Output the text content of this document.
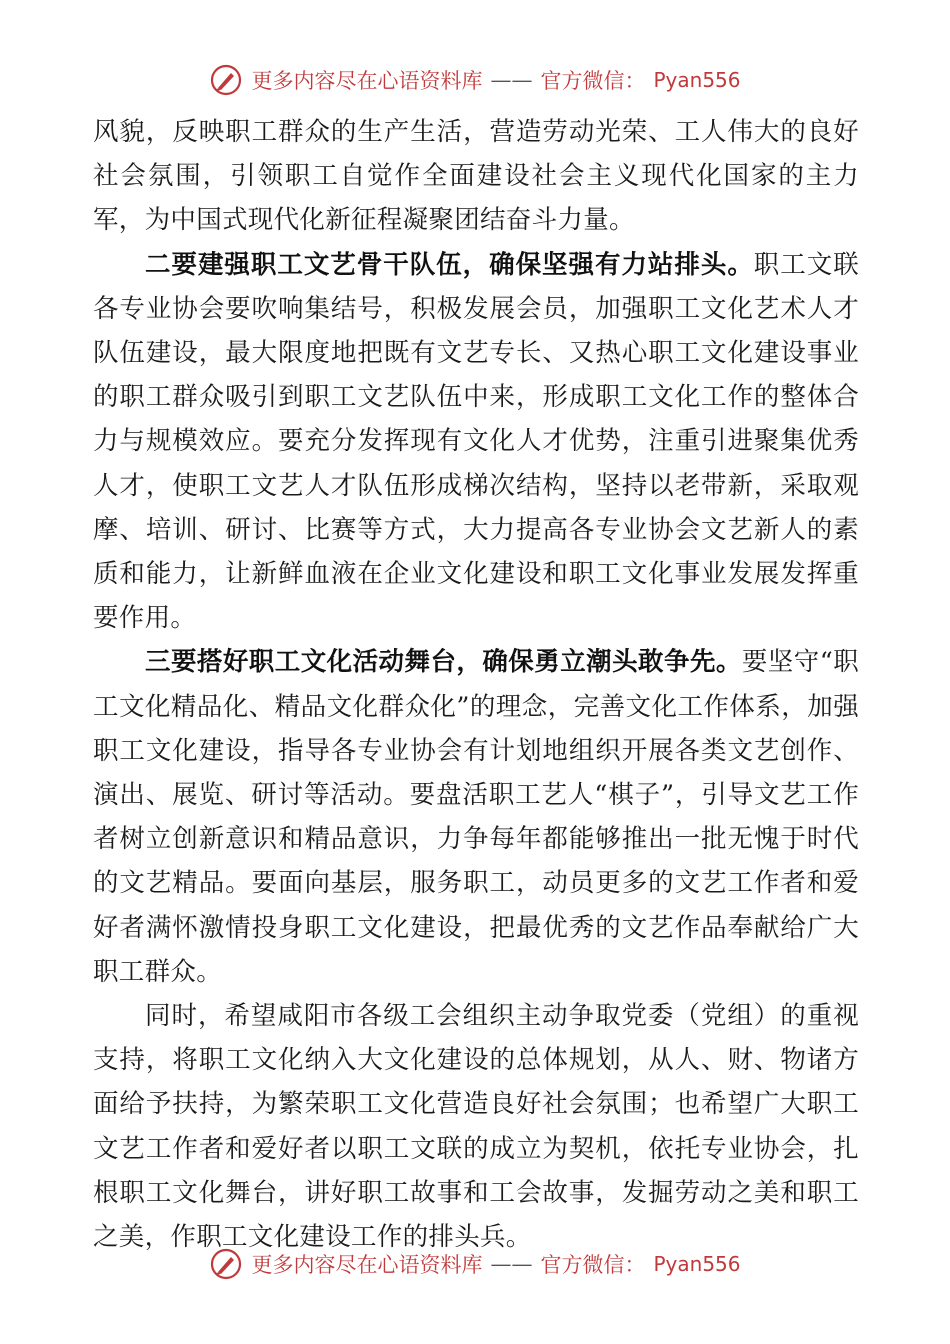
更多内容尽在心语资料库 —— 官方微信： Pyan556

风貌，反映职工群众的生产生活，营造劳动光荣、工人伟大的良好社会氛围，引领职工自觉作全面建设社会主义现代化国家的主力军，为中国式现代化新征程凝聚团结奋斗力量。

二要建强职工文艺骨干队伍，确保坚强有力站排头。职工文联各专业协会要吹响集结号，积极发展会员，加强职工文化艺术人才队伍建设，最大限度地把既有文艺专长、又热心职工文化建设事业的职工群众吸引到职工文艺队伍中来，形成职工文化工作的整体合力与规模效应。要充分发挥现有文化人才优势，注重引进聚集优秀人才，使职工文艺人才队伍形成梯次结构，坚持以老带新，采取观摩、培训、研讨、比赛等方式，大力提高各专业协会文艺新人的素质和能力，让新鲜血液在企业文化建设和职工文化事业发展发挥重要作用。

三要搭好职工文化活动舞台，确保勇立潮头敢争先。要坚守“职工文化精品化、精品文化群众化”的理念，完善文化工作体系，加强职工文化建设，指导各专业协会有计划地组织开展各类文艺创作、演出、展览、研讨等活动。要盘活职工艺人“棋子”，引导文艺工作者树立创新意识和精品意识，力争每年都能够推出一批无愧于时代的文艺精品。要面向基层，服务职工，动员更多的文艺工作者和爱好者满怀激情投身职工文化建设，把最优秀的文艺作品奉献给广大职工群众。

同时，希望咸阳市各级工会组织主动争取党委（党组）的重视支持，将职工文化纳入大文化建设的总体规划，从人、财、物诸方面给予扶持，为繁荣职工文化营造良好社会氛围；也希望广大职工文艺工作者和爱好者以职工文联的成立为契机，依托专业协会，扎根职工文化舞台，讲好职工故事和工会故事，发掘劳动之美和职工之美，作职工文化建设工作的排头兵。

更多内容尽在心语资料库 —— 官方微信： Pyan556
